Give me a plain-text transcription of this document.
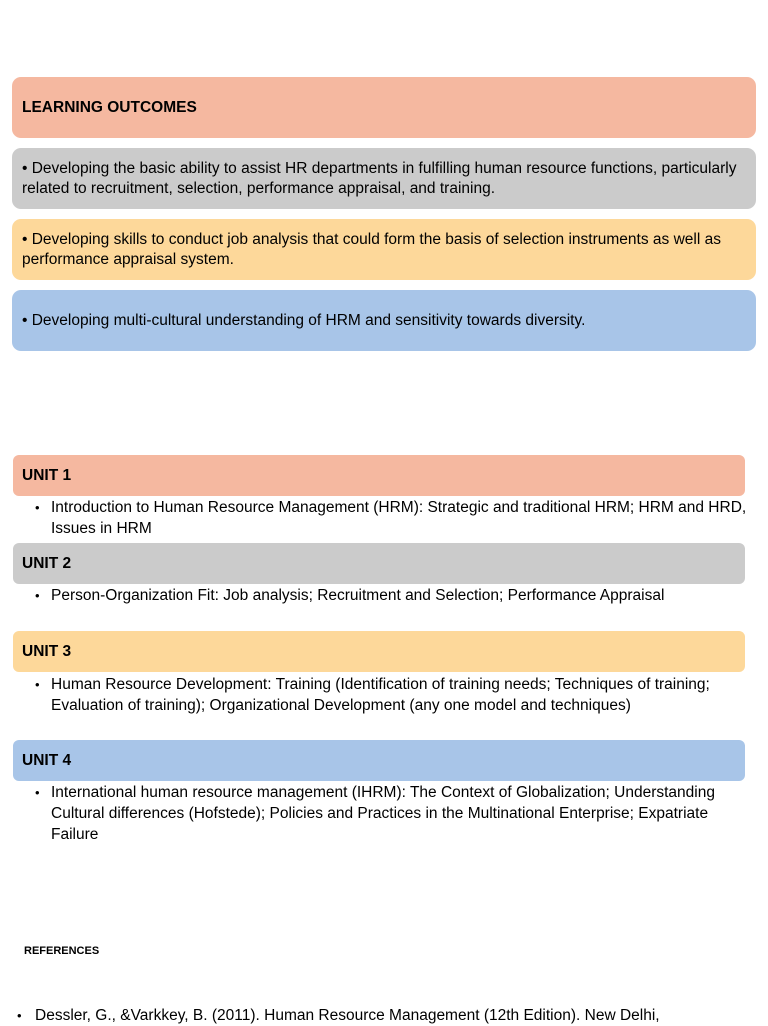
LEARNING OUTCOMES
• Developing the basic ability to assist HR departments in fulfilling human resource functions, particularly related to recruitment, selection, performance appraisal, and training.
• Developing skills to conduct job analysis that could form the basis of selection instruments as well as performance appraisal system.
• Developing multi-cultural understanding of HRM and sensitivity towards diversity.
UNIT 1
• Introduction to Human Resource Management (HRM): Strategic and traditional HRM; HRM and HRD, Issues in HRM
UNIT 2
• Person-Organization Fit: Job analysis; Recruitment and Selection; Performance Appraisal
UNIT 3
• Human Resource Development: Training (Identification of training needs; Techniques of training; Evaluation of training); Organizational Development (any one model and techniques)
UNIT 4
• International human resource management (IHRM): The Context of Globalization; Understanding Cultural differences (Hofstede); Policies and Practices in the Multinational Enterprise; Expatriate Failure
REFERENCES
• Dessler, G., &Varkkey, B. (2011). Human Resource Management (12th Edition). New Delhi,
